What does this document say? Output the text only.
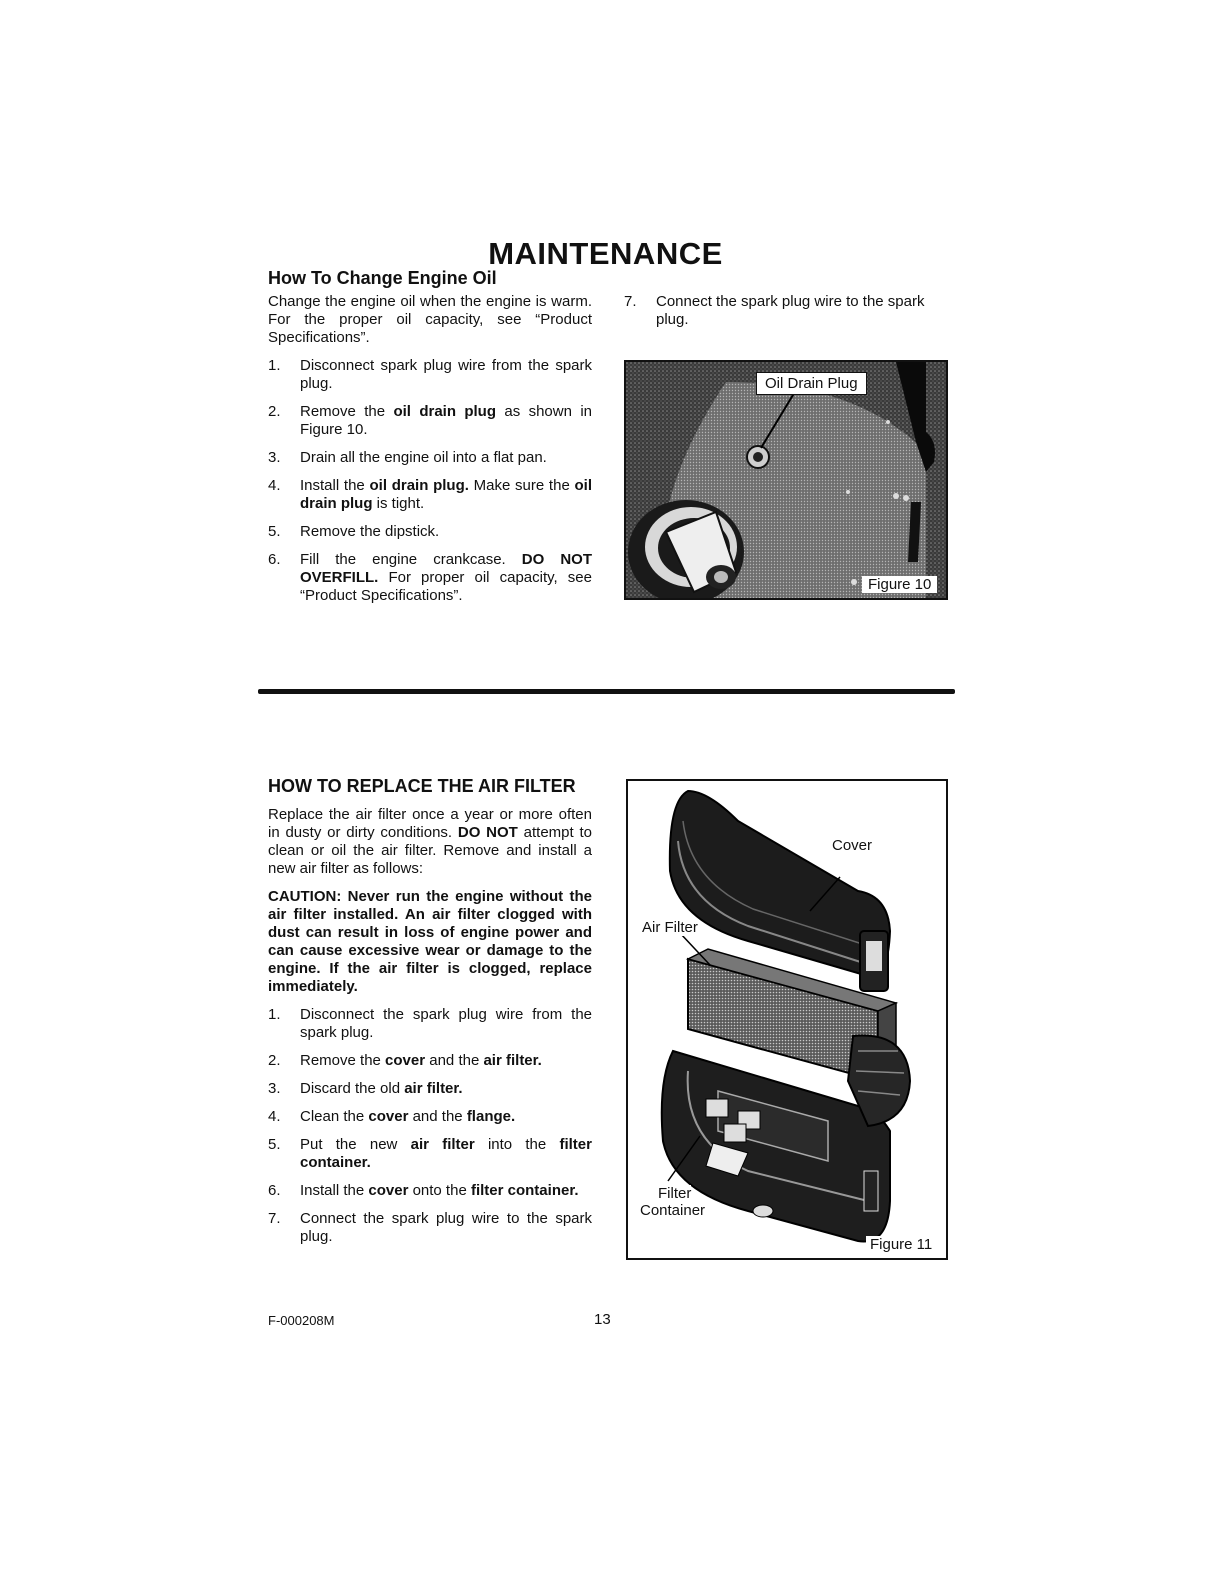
MAINTENANCE
How To Change Engine Oil

Change the engine oil when the engine is warm. For the proper oil capacity, see “Product Specifications”.

1. Disconnect spark plug wire from the spark plug.
2. Remove the oil drain plug as shown in Figure 10.
3. Drain all the engine oil into a flat pan.
4. Install the oil drain plug. Make sure the oil drain plug is tight.
5. Remove the dipstick.
6. Fill the engine crankcase. DO NOT OVERFILL. For proper oil capacity, see “Product Specifications”.
7.	Connect the spark plug wire to the spark plug.
Oil Drain Plug
Figure 10
HOW TO REPLACE THE AIR FILTER

Replace the air filter once a year or more often in dusty or dirty conditions. DO NOT attempt to clean or oil the air filter. Remove and install a new air filter as follows:

CAUTION: Never run the engine without the air filter installed. An air filter clogged with dust can result in loss of engine power and can cause excessive wear or damage to the engine. If the air filter is clogged, replace immediately.

1. Disconnect the spark plug wire from the spark plug.
2. Remove the cover and the air filter.
3. Discard the old air filter.
4. Clean the cover and the flange.
5. Put the new air filter into the filter container.
6. Install the cover onto the filter container.
7. Connect the spark plug wire to the spark plug.
Cover
Air Filter
Filter
Container
Figure 11
F-000208M	13
